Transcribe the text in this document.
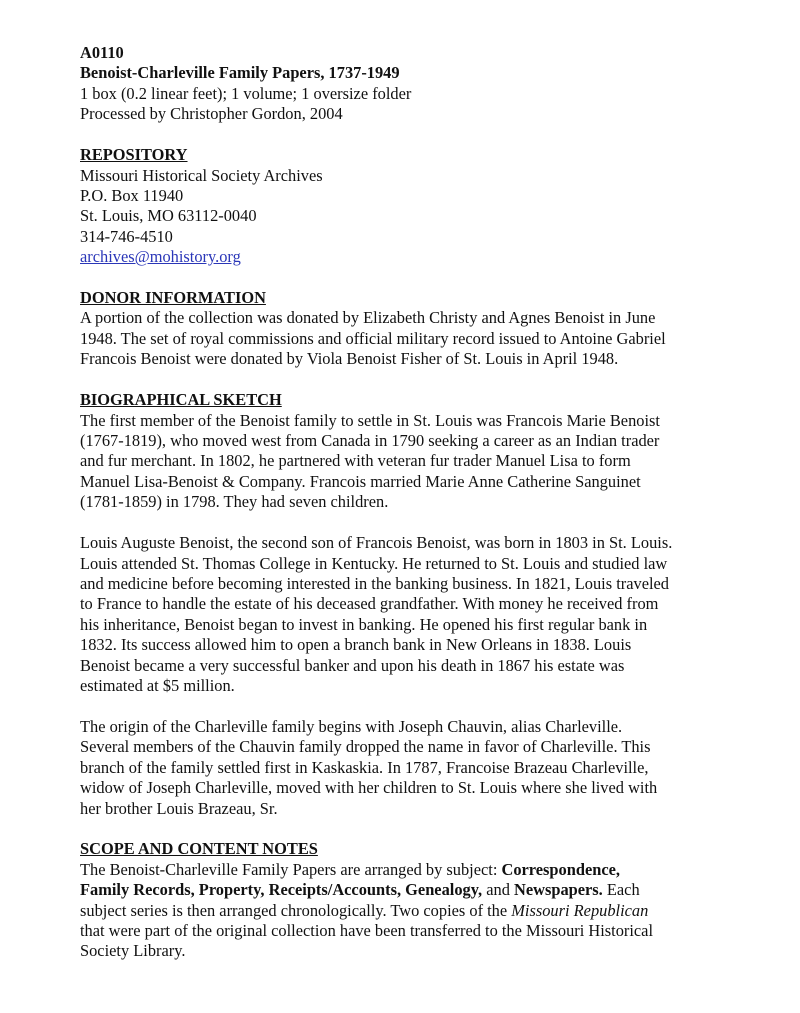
A0110
Benoist-Charleville Family Papers, 1737-1949
1 box (0.2 linear feet); 1 volume; 1 oversize folder
Processed by Christopher Gordon, 2004
REPOSITORY
Missouri Historical Society Archives
P.O. Box 11940
St. Louis, MO 63112-0040
314-746-4510
archives@mohistory.org
DONOR INFORMATION
A portion of the collection was donated by Elizabeth Christy and Agnes Benoist in June
1948. The set of royal commissions and official military record issued to Antoine Gabriel
Francois Benoist were donated by Viola Benoist Fisher of St. Louis in April 1948.
BIOGRAPHICAL SKETCH
The first member of the Benoist family to settle in St. Louis was Francois Marie Benoist
(1767-1819), who moved west from Canada in 1790 seeking a career as an Indian trader
and fur merchant. In 1802, he partnered with veteran fur trader Manuel Lisa to form
Manuel Lisa-Benoist & Company. Francois married Marie Anne Catherine Sanguinet
(1781-1859) in 1798. They had seven children.
Louis Auguste Benoist, the second son of Francois Benoist, was born in 1803 in St. Louis.
Louis attended St. Thomas College in Kentucky. He returned to St. Louis and studied law
and medicine before becoming interested in the banking business. In 1821, Louis traveled
to France to handle the estate of his deceased grandfather. With money he received from
his inheritance, Benoist began to invest in banking. He opened his first regular bank in
1832. Its success allowed him to open a branch bank in New Orleans in 1838. Louis
Benoist became a very successful banker and upon his death in 1867 his estate was
estimated at $5 million.
The origin of the Charleville family begins with Joseph Chauvin, alias Charleville.
Several members of the Chauvin family dropped the name in favor of Charleville. This
branch of the family settled first in Kaskaskia. In 1787, Francoise Brazeau Charleville,
widow of Joseph Charleville, moved with her children to St. Louis where she lived with
her brother Louis Brazeau, Sr.
SCOPE AND CONTENT NOTES
The Benoist-Charleville Family Papers are arranged by subject: Correspondence,
Family Records, Property, Receipts/Accounts, Genealogy, and Newspapers. Each
subject series is then arranged chronologically. Two copies of the Missouri Republican
that were part of the original collection have been transferred to the Missouri Historical
Society Library.
